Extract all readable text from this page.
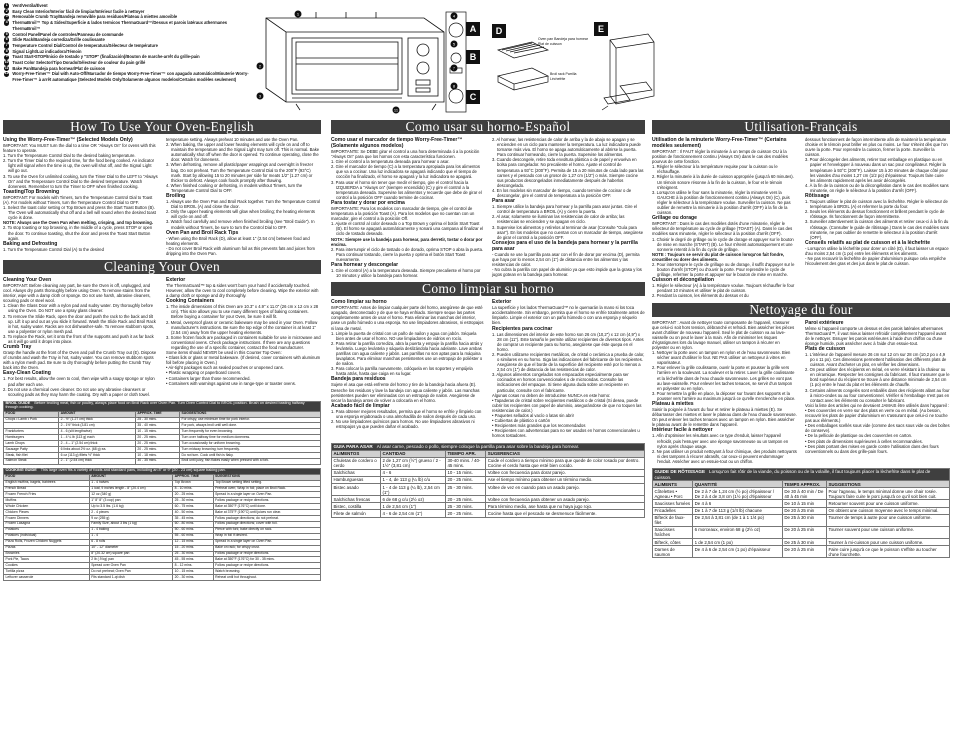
1	Vent/Ventila/Évent
2	Easy Clean Interior/Interior fácil de limpiar/Intérieur facile à nettoyer
3	Removable Crumb Tray/Bandeja removible para residuos/Plateau à miettes amovible
4	ThermaBroil™ Top & Sides/Superficie & lados termicos ThermaGuard™/Dessus et parois latéraux athermanes ThermaBroil™
5	Control Panel/Panel de controles/Panneau de commande
6	Slide Rack/Bandeja corrediza/Grille coulissante
7	Temperature Control Dial/Control de temperatura/Sélecteur de température
8	Signal Light/Luz indicadora/Témoin
9	Toast Start•STOP/Inicio de tostado y "STOP" (finalización)/Bouton de marche-arrêt du grille-pain
10 Toast Color Selector/Tipo Dorado/Sélecteur de couleur du pain grillé
11 Bake Pan/Bandeja para hornear/Plat de cuisson
12 Worry-Free-Timer™ Dial with Auto-Off/Marcador de tiempo Worry-Free-Timer™ con apagado automático/Minuterie Worry-Free-Timer™ à arrêt automatique (Selected Models Only/Solamente algunos modelos/Certains modèles seulement)
1	4
5
7
8
11
2
3
A
B
C
D
Oven pan Bandeja para hornear Plat de cuisson
Broil rack Parrilla Lèchefrite
E
How To Use Your Oven-English

Using the Worry-Free-Timer™ (Selected Models Only)

IMPORTANT: You MUST turn the dial to a time OR "Always On" for ovens with this feature to operate.

1. Turn the Temperature Control Dial to the desired baking temperature.

2. Turn the Timer Dial to the required time, for the food being cooked. An indicator light will signal when the time is up, the oven will shut off, and the Signal Light will go out.

3. To use the Oven for unlimited cooking, turn the Timer Dial to the LEFT to "Always On" and the Temperature Control Dial to the desired temperature. Watch doneness. Remember to turn the Timer to OFF when finished cooking.

Toasting/Top Browning

IMPORTANT: For models with Timers, turn the Temperature Control Dial to Toast (A). For models without Timers, turn the Temperature Control Dial to OFF.

1. Select the toast color setting or Top Brown and press the Start Toast Button (B). The Oven will automatically shut off and a bell will sound when the desired toast cycle is done.

NOTE: Always use the Oven Pan when melting, crisping, and top browning.

2. To stop toasting or top browning, in the middle of a cycle, press STOP or open the door. To continue toasting, shut the door and press the Toast Start Button again.

Baking and Defrosting

1. Turn the Temperature Control Dial (A) to the desired

temperature setting. Always preheat 10 minutes and use the Oven Pan.

2. When baking, the upper and lower heating elements will cycle on and off to maintain the temperature and the Signal Light may turn off. This is normal. Bake automatically shut off when the door is opened. To continue operating, close the door. Watch for doneness.

3. When defrosting, remove all plastic/paper wrappings and overnight in freezer bag. Do not preheat. Turn the Temperature Control Dial to the 200°F (93°C) mark. Start by allowing 15 to 20 minutes per side for meats 1/2" (1.27 cm) or thicker to defrost. Always cook foods promptly after thawing.

4. When finished cooking or defrosting, in models without Timers, turn the Temperature Control Dial to OFF.

Broiling

1. Always use the Oven Pan and Broil Rack together. Turn the Temperature Control Dial to BROIL (A) and close the door.

2. Only the upper heating elements will glow when broiling; the heating elements will cycle on and off.

3. Watch food carefully and remove when finished broiling (see "Broil Guide"). In models without Timers, be sure to turn the Control Dial to OFF.

Oven Pan and Broil Rack Tips

- When using the Broil Rack (D), allow at least 1" (2.54 cm) between food and heating elements.

- Do not cover Broil Rack with aluminum foil as this prevents fats and juices from dripping into the Oven Pan.

Cleaning Your Oven

Cleaning Your Oven

IMPORTANT: Before cleaning any part, be sure the Oven is off, unplugged, and cool. Always dry parts thoroughly before using Oven. To remove stains from the interior, wipe with a damp cloth or sponge. Do not use harsh, abrasive cleaners, scouring pads or steel wool.

1. Clean the Glass Door with a nylon pad and sudsy water. Dry thoroughly before using the Oven. Do NOT use a spray glass cleaner.

2. To remove the Slide Rack, open the door and push the rack to the back and tilt up. Lift it up and out as you slide it forward. Wash the Slide Rack and Broil Rack in hot, sudsy water. Racks are not dishwasher-safe. To remove stubborn spots, use a polyester or nylon mesh pad.

3. To replace the Rack, set it onto the front of the supports and push it as far back as it will go until it drops into place.

Crumb Tray

Grasp the handle at the front of the Oven and pull the Crumb Tray out (E). Dispose of crumbs and wash the Tray in hot, sudsy water. You can remove stubborn spots with a nylon mesh pad. Be sure to dry thoroughly before putting the Crumb Tray back into the Oven.

Easy-Clean Coating

1. For best results, allow the oven to cool, then wipe with a soapy sponge or nylon pad after each use.

2. Do not use a chemical oven cleaner. Do not use any abrasive cleansers or scouring pads as they may harm the coating. Dry with a paper or cloth towel.

Exterior

The ThermaGuard™ top & sides won't burn your hand if accidentally touched. However, allow the oven to cool completely before cleaning. Wipe the exterior with a damp cloth or sponge and dry thoroughly.

Cooking Containers

1. The inside dimensions of this Oven are 10.3" x 4.9" x 11.0" (26 cm x 12 cm x 28 cm). This size allows you to use many different types of baking containers. Before buying a container for your Oven, be sure it will fit.

2. Metal, ovenproof glass or ceramic bakeware may be used in your Oven. Follow manufacturer's instructions. Be sure the top edge of the container is at least 1" (2.54 cm) away from the upper heating elements.

3. Some frozen foods are packaged in containers suitable for use in microwave and conventional ovens. Check package instructions. If there are any questions regarding the use of a specific container, contact the food manufacturer.

Some items should NEVER be used in this Counter Top Oven:

• Glass lids or glass or metal bakeware. (If desired, cover containers with aluminum foil before placing in Oven.)

• Air-tight packages such as sealed pouches or unopened cans.

• Plastic wrapping or paperboard covers.

• Containers larger than those recommended.

• Containers with warnings against use in range-type or toaster ovens.

BROIL GUIDE Before broiling meat, fish or poultry, always place food on Broil Rack over Oven Pan. Turn Oven Control Dial to BROIL position. Brush on desired basting halfway through cooking.			
FOOD	AMOUNT	APPROX. TIME	SUGGESTIONS
Chops • Lamb • Pork	2 - ½" (1.27 cm) thick	25 - 30 mins.	For crispy, use minimum time for pork interior.
	2 - 1½" thick (3.81 cm)	35 - 40 mins.	For pork, always broil until well done.
Frankfurters	4 - 6 (slit lengthwise)	10 - 15 mins.	Turn frequently for even browning.
Hamburgers	1 - 4 ¼ lb (113 g) each	20 - 25 mins.	Turn over halfway time for medium doneness.
Lamb Chops	2 - 4 – 1" (2.54 cm) thick	20 - 25 mins.	Turn occasionally for uniform browning.
Sausage Patty	6 links about 2½ oz. (68 g) ea.	20 - 25 mins.	Turn midway browning; turn frequently.
Steak, fish filet	6 oz (113 g) fillets ½" thick	10 - 18 mins.	Do not turn. Cook until fish is flaky.
Salmon Steak	2 - 1" (2.54 cm) thick	30 - 35 mins.	Broil until juicy; fish flakes easily when pressed with a fork.
COOKING GUIDE This large oven fits a variety of foods and standard pans, including an 8" or 9" (20 - 23 cm) square baking pan.			
FOOD	AMOUNT	APPROX. TIME	SUGGESTIONS
English muffins, bagels, bahtrees	1 - 4 halves	Top Brown	Top Brown setting lifted setting.
French Bread	1 loaf, 9 inches length - 8" (20.4 cm)	8 - 10 mins.	Preheat oven; Wrap in foil; place on Broil Rack.
Frozen French Fries	12 oz (340 g)	20 - 25 mins.	Spread in a single layer on Oven Pan.
Muffins	1" 8" 8" (3 cup) pan	25 - 30 mins.	Follow package or recipe directions.
Whole Chicken	Up to 3.5 lbs. (1.6 kg)	60 - 75 mins.	Bake at 350°F (176°C) until done.
Chicken Pieces	2 - 4 pieces	40 - 50 mins.	Bake at 375°F (190°C) until juices run clear.
Frozen Dinners	9 oz (255 g)	35 - 45 mins.	Follow package directions; do not preheat.
Frozen Lasagna	Family Size, about 3 lbs (1 kg)	60 - 80 mins.	Follow package directions; cover with foil.
Potatoes	1 - 4 baking	50 - 60 mins.	Pierce with fork; bake directly on rack.
Potatoes (Individual)	1 - 4	55 - 60 mins.	Wrap in foil if desired.
Pizza Rolls, Frozen Chicken Nuggets	6 - 8 rolls	12 - 15 mins.	Spread in a single layer on Oven Pan.
Pizzas	10" - 12" diameter	15 - 20 mins.	Bake on rack; for crispy crust.
Brownies	8" (20.32 cm) square pan	25 - 30 mins.	Follow package or recipe directions.
Pork Pie, Tacos	2 lb (.9 kg) pan	45 - 55 mins.	Bake at 350°F (176°C) for 30 - 35 mins.
Cookies	Spread over Oven Pan	8 - 12 mins.	Follow package or recipe directions.
Tortilla pizza	Do not preheat; Oven Pan	10 - 15 mins.	Watch browning.
Leftover casserole	Fits standard 1-qt dish	20 - 30 mins.	Reheat until hot throughout.
Como usar su horno-Español

Como usar el marcador de tiempo Worry-Free-Timer™ (Solamente algunos modelos)

IMPORTANTE: Se DEBE girar el control a una hora determinada ó a la posición "Always On" para que los hornos con esta característica funcionen.

1. Gire el control a la temperatura deseada para hornear o asar.

2. Gire el marcador de tiempo (C) a la temperatura apropiada para los alimentos que va a cocinar. Una luz indicadora se apagará indicando que el tiempo de cocción ha finalizado, el horno se apagará y la luz indicadora se apagará.

3. Para usar el horno sin tener que medir el tiempo, gire el control hacia la IZQUIERDA a "Always on" (siempre encendido) (C) y gire el control a la temperatura deseada. Supervise los alimentos y recuerde que debe de girar el control a la posición OFF cuando termine de cocinar.

Para tostar y dorar por encima

IMPORTANTE: Para los modelos con marcador de tiempo, gire el control de temperatura a la posición Toast (A). Para los modelos que no cuentan con un marcador, gire el control a la posición Off.

1. Ajuste el control al color deseado o a Top Brown y oprima el botón Start Toast (B). El horno se apagará automáticamente y sonará una campana al finalizar el ciclo de tostado deseado.

NOTA: Siempre use la bandeja para hornear, para derretir, tostar o dorar por encima.

2. Para interrumpir el ciclo de tostado o de dorado, oprima STOP o abra la puerta. Para continuar tostando, cierre la puerta y oprima el botón Start Toast nuevamente.

Para hornear y descongelar

1. Gire el control (A) a la temperatura deseada. Siempre precaliente el horno por 10 minutos y utilice la bandeja para hornear.

2. Al hornear, las resistencias de calor de arriba y la de abajo se apagan y se encienden en un ciclo para mantener la temperatura. La luz indicadora puede tornarse más viva. El horno se apaga automáticamente al abrirse la puerta. Para continuar horneando, cierre la puerta. Supervise los alimentos.

3. Cuando descongele, retire toda envoltura plástica o de papel y envuelva en bolsa para congelador. No precaliente el horno. Ajuste el control de temperatura a 93°C (200°F). Permita de 15 a 20 minutos de cada lado para las carnes y el pescado con un grosor de 1,27 cm (1/2") o más. Siempre cocine sus productos descongelados inmediatamente después de haberlos descongelado.

4. En los modelos sin marcador de tiempo, cuando termine de cocinar o de descongelar, gire el control de temperatura a la posición OFF.

Para asar

1. Siempre utilice la bandeja para hornear y la parrilla para asar juntas. Gire el control de temperatura a BROIL (A) y cierre la puerta.

2. Al asar, solamente se iluminan las resistencias de calor de arriba; las resistencias se encienden y se apagan en ciclo.

3. Supervise los alimentos y retírelos al terminar de asar (Consulte "Guía para asar"). En los modelos que no cuentan con un marcador de tiempo, asegúrese de girar el control a la posición OFF.

Consejos para el uso de la bandeja para hornear y la parrilla para asar

- Cuando se use la parrilla para asar con el fin de dorar por encima (D), permita que haya por lo menos 2,54 cm (1") de distancia entre los alimentos y las resistencias de calor.

- No cubra la parrilla con papel de aluminio ya que esto impide que la grasa y los jugos gotean en la bandeja para hornear.

Como limpiar su horno

Como limpiar su horno

IMPORTANTE: Antes de limpiar cualquier parte del horno, asegúrese de que esté apagado, desconectado y de que se haya enfriado. Siempre seque las partes completamente antes de usar el horno. Para eliminar las manchas del interior, pase un paño húmedo o una esponja. No use limpiadores abrasivos, ni estropajos ni lana de metal.

1. Limpie la puerta de cristal con un paño de nailon y agua con jabón. Séquela bien antes de usar el horno. NO use limpiadores de vidrios en rocío.

2. Para retirar la parrilla corrediza, abra la puerta y empuje la parrilla hacia atrás y levántela. Luego levántela y sáquela deslizándola hacia adelante. Lave ambas parrillas con agua caliente y jabón. Las parrillas no son aptas para la máquina lavaplatos. Para eliminar manchas persistentes use un estropajo de poliéster o de nailon.

3. Para colocar la parrilla nuevamente, colóquela en los soportes y empújela hasta atrás, hasta que caiga en su lugar.

Bandeja para residuos

Sujete el asa que está enfrente del horno y tire de la bandeja hacia afuera (E). Deseche los residuos y lave la bandeja con agua caliente y jabón. Las manchas persistentes pueden ser eliminadas con un estropajo de nailon. Asegúrese de secar la bandeja antes de volver a colocarla en el horno.

Acabado fácil de limpiar

1. Para obtener mejores resultados, permita que el horno se enfríe y límpielo con una esponja enjabonada o una almohadilla de nailon después de cada uso.

2. No use limpiadores químicos para hornos. No use limpiadores abrasivos ni estropajos ya que pueden dañar el acabado.

Exterior

La superficie y los lados ThermaGuard™ no le quemarán la mano si los toca accidentalmente. Sin embargo, permita que el horno se enfríe totalmente antes de limpiarlo. Limpie el exterior con un paño húmedo o con una esponja y séquelo bien.

Recipientes para cocinar

1. Las dimensiones del interior de este horno son 26 cm (10,2") x 12 cm (4,9") x 28 cm (11"). Este tamaño le permite utilizar recipientes de diversos tipos. Antes de comprar un recipiente para su horno, asegúrese que éste quepa en el horno.

2. Pueden utilizarse recipientes metálicos, de cristal o cerámica a prueba de calor, o similares en su horno. Siga las indicaciones del fabricante de los recipientes. Asegúrese de que el borde de la superficie del recipiente esté por lo menos a 2,54 cm (1") de distancia de las resistencias de calor.

3. Algunos alimentos congelados son empacados especialmente para ser cocinados en hornos convencionales o de microondas. Consulte las indicaciones del empaque. Si tiene alguna duda sobre un recipiente en particular, consulte con el fabricante.

Algunas cosas no deben de introducirse NUNCA en este horno:

• Tapaderas de cristal sobre recipientes metálicos o de cristal (Si desea, puede cubrir los recipientes con papel de aluminio, asegurándose de que no toquen las resistencias de calor.)

• Paquetes sellados al vacío o latas sin abrir

• Cubiertas de plástico o cartón

• Recipientes más grandes que los recomendados

• Recipientes con advertencias para no ser usados en hornos convencionales u hornos tostadores.

GUIA PARA ASAR Al asar carne, pescado o pollo, siempre coloque la parrilla para asar sobre la bandeja para hornear.			
ALIMENTOS	CANTIDAD	TIEMPO APR.	SUGERENCIAS
Chuletas de cordero o cerdo	2 de 1,27 cm (½") grueso / 2 - 1½" (3,81 cm)	30-40 mins. / 40-45 mins.	Cuide el cordero a tiempo mínimo para que quede de color rosado por dentro. Cocine el cerdo hasta que esté bien cocido.
Salchichas	4 - 6	10 - 15 mins.	Voltee con frecuencia para dorar parejo.
Hamburguesas	1 - 4, de 113 g (¼ lb) c/u	20 - 25 mins.	Ase el tiempo mínimo para obtener un término medio.
Bistec asado	1 - 4 de 113 g (¼ lb), 2,54 cm (1")	25 - 30 mins.	Voltee de vez en cuando para un asado parejo.
Salchichas frescas	6 de 68 g c/u (2½ oz)	20 - 25 mins.	Voltee con frecuencia para obtener un asado parejo.
Bistec, costilla	1 de 2,54 cm (1")	25 - 30 mins.	Para término medio, ase hasta que no haya jugo rojo.
Filete de salmón	4 - 6 de 2,54 cm (1")	20 - 25 mins.	Cocine hasta que el pescado se desmenuce fácilmente.
Utilisation-Français

Utilisation de la minuterie Worry-Free-Timer™ (Certains modèles seulement)

IMPORTANT : Il FAUT régler la minuterie à un temps de cuisson OU à la position de fonctionnement continu (Always On) dans le cas des modèles pourvus de cette fonction.

1. Régler le sélecteur à la température requise pour la cuisson ou le réchauffage.

2. Régler la minuterie à la durée de cuisson appropriée (jusqu'à 60 minutes). Un témoin sonore résonne à la fin de la cuisson, le four et le témoin s'éteignent.

3. Lorsqu'on utilise le four sans la minuterie, régler la minuterie vers la GAUCHE à la position de fonctionnement continu (Always On) (C), puis régler le sélecteur à la température voulue. Surveiller la cuisson. Ne pas oublier de remettre la minuterie à la position d'arrêt (OFF) à la fin de la cuisson.

Grillage ou dorage

IMPORTANT : Dans le cas des modèles dotés d'une minuterie, régler le sélecteur de température au cycle de grillage (TOAST) (A). Dans le cas des modèles sans minuterie, régler le sélecteur à la position d'arrêt (OFF).

1. Choisir le degré de grillage ou le cycle de dorage et appuyer sur le bouton de mise en marche (START) (B). Le four s'éteint automatiquement et une sonnerie retentit à la fin du cycle de grillage.

NOTE : Toujours se servir du plat de cuisson lorsqu'on fait fondre, croustiller ou dorer des aliments.

2. Pour interrompre le cycle de grillage ou de dorage, il suffit d'appuyer sur le bouton d'arrêt (STOP) ou d'ouvrir la porte. Pour reprendre le cycle de grillage, refermer la porte et appuyer sur le bouton de mise en marche.

Cuisson et décongélation

1. Régler le sélecteur (A) à la température voulue. Toujours réchauffer le four pendant 10 minutes et utiliser le plat de cuisson.

2. Pendant la cuisson, les éléments du dessus et du

dessous fonctionnent de façon intermittente afin de maintenir la température choisie et le témoin peut briller en plus ou moins. Le four s'éteint dès que l'on ouvre la porte. Pour reprendre la cuisson, fermer la porte. Surveiller la cuisson.

3. Pour décongeler des aliments, retirer tout emballage en plastique ou en papier et l'envelopper à nouveau dans un sac pour congélateur. Régler la température à 93°C (200°F). Laisser 15 à 20 minutes de chaque côté pour les viandes d'au moins 1,27 cm (1/2 po) d'épaisseur. Toujours faire cuire les aliments rapidement après les avoir décongelés.

4. À la fin de la cuisson ou de la décongélation dans le cas des modèles sans minuterie, on règle le sélecteur à la position d'arrêt (OFF).

Rôtissage

1. Toujours utiliser le plat de cuisson avec la lèchefrite. Régler le sélecteur de température à BROIL (A) et refermer la porte du four.

2. Seuls les éléments du dessus fonctionnent et brillent pendant le cycle de rôtissage. Ils fonctionnent de façon intermittente.

3. Surveiller attentivement la cuisson des aliments et retirer ceux-ci à la fin du rôtissage. (Consulter le guide de rôtissage.) Dans le cas des modèles sans minuterie, ne pas oublier de remettre le sélecteur à la position d'arrêt (OFF).

Conseils relatifs au plat de cuisson et à la lèchefrite

- Lorsqu'on utilise la lèchefrite pour dorer un côté (D), il faut laisser un espace d'au moins 2,54 cm (1 po) entre les éléments et les aliments.

- Ne pas recouvrir la lèchefrite de papier d'aluminium puisque cela empêche l'écoulement des gras et des jus dans le plat de cuisson.

Nettoyage du four

IMPORTANT : Avant de nettoyer toute composante de l'appareil, s'assurer que celui-ci soit hors tension, débranché et refroidi. Bien assécher les pièces avant d'utiliser de nouveau l'appareil. Seul le plat de cuisson va au lave-vaisselle ou on peut le laver à la main. Afin de minimiser les risques d'égratignures lors du lavage manuel, utiliser un tampon à récurer en polyester ou en nylon.

1. Nettoyer la porte avec un tampon en nylon et de l'eau savonneuse. Bien sécher avant d'utiliser le four. NE PAS utiliser un nettoyeur à vitres en vaporisateur.

2. Pour enlever la grille coulissante, ouvrir la porte et pousser la grille vers l'arrière en la soulevant. La soulever et la retirer. Laver la grille coulissante et la lèchefrite dans de l'eau chaude savonneuse. Les grilles ne vont pas au lave-vaisselle. Pour enlever les taches tenaces, se servir d'un tampon en polyester ou en nylon.

3. Pour remettre la grille en place, la déposer sur l'avant des supports et la pousser vers l'arrière au maximum jusqu'à ce qu'elle s'enclenche en place.

Plateau à miettes

Saisir la poignée à l'avant du four et retirer le plateau à miettes (E). Se débarrasser des miettes et laver le plateau dans de l'eau chaude savonneuse. On peut enlever les taches tenaces avec un tampon en nylon. Bien assécher le plateau avant de le remettre dans l'appareil.

Intérieur facile à nettoyer

1. Afin d'optimiser les résultats avec ce type d'enduit, laisser l'appareil refroidir, puis l'essuyer avec une éponge savonneuse ou un tampon en nylon après chaque usage.

2. Ne pas utiliser un produit nettoyant à four chimique, des produits nettoyants ni des tampons à récurer abrasifs, car ceux-ci peuvent endommager l'enduit. Assécher avec un essuie-tout ou un chiffon.

Paroi extérieure

Même si l'appareil comporte un dessus et des parois latérales athermanes ThermaGuard™, il vaut mieux laisser refroidir complètement l'appareil avant de le nettoyer. Essuyer les parois extérieures à l'aide d'un chiffon ou d'une éponge humide, puis assécher avec à l'aide d'un essuie-tout.

Plats de cuisson

1. L'intérieur de l'appareil mesure 26 cm sur 12 cm sur 28 cm (10,2 po x 4,9 po x 11 po). Ces dimensions permettent l'utilisation des différents plats de cuisson. Avant d'acheter un plat, en vérifier les dimensions.

2. On peut utiliser des récipients en métal, en verre résistant à la chaleur ou en céramique. Respecter les consignes du fabricant. Il faut s'assurer que le bord supérieur du récipient se trouve à une distance minimale de 2,54 cm (1 po) entre le haut du plat et les éléments de chauffe.

3. Certains aliments congelés sont emballés dans des récipients allant au four à micro-ondes ou au four conventionnel. Vérifier si l'emballage n'est pas en contact avec les éléments ou consulter le fabricant.

Voici la liste des articles qui ne devraient JAMAIS être utilisés dans l'appareil :

• Des couvercles en verre sur des plats en verre ou en métal. (Au besoin, recouvrir les plats de papier d'aluminium en s'assurant que celui-ci ne touche pas aux éléments.)

• Des emballages scellés sous vide (comme des sacs sous vide ou des boîtes de conserve).

• De la pellicule de plastique ou des couvercles en carton.

• Des plats de dimensions supérieures à celles recommandées.

• Des plats portant des mises en garde contre l'utilisation dans des fours conventionnels ou dans des grille-pain fours.

GUIDE DE RÔTISSAGE Lorsqu'on fait rôtir de la viande, du poisson ou de la volaille, il faut toujours placer la lèchefrite dans le plat de cuisson.			
ALIMENTS	QUANTITÉ	TEMPS APPROX.	SUGGESTIONS
Côtelettes • Agneau • Porc	De 2 à 7 de 1,24 cm (½ po) d'épaisseur / De 2 à 4 de 3,8 cm (1½ po) d'épaisseur	De 30 à 40 min / De 40 à 45 min	Pour l'agneau, le temps minimal donne une chair rosée. Toujours faire cuire le porc jusqu'à ce qu'il soit bien cuit.
Saucisses fumées	De 4 à 6	De 10 à 15 min	Retourner souvent pour une cuisson uniforme.
Fricadelles	De 1 à 7 de 113 g (1/4 lb) chacune	De 20 à 25 min	On obtient une cuisson moyenne avec le temps minimal.
Bifteck de faux-filet	De 2,54 à 3,81 cm (de 1 à 1 1/4 po)	De 25 à 30 min	Tourner de temps à autre pour une cuisson uniforme.
Saucisses fraîches	6 morceaux, environ 68 g (2½ oz)	De 20 à 25 min	Tourner souvent pour une cuisson uniforme.
Bifteck, côtes	1 de 2,54 cm (1 po)	De 25 à 30 min	Tourner à mi-cuisson pour une cuisson uniforme.
Darnes de saumon	De 4 à 6 de 2,54 cm (1 po) d'épaisseur	De 20 à 25 min	Faire cuire jusqu'à ce que le poisson s'effrite au toucher d'une fourchette.
